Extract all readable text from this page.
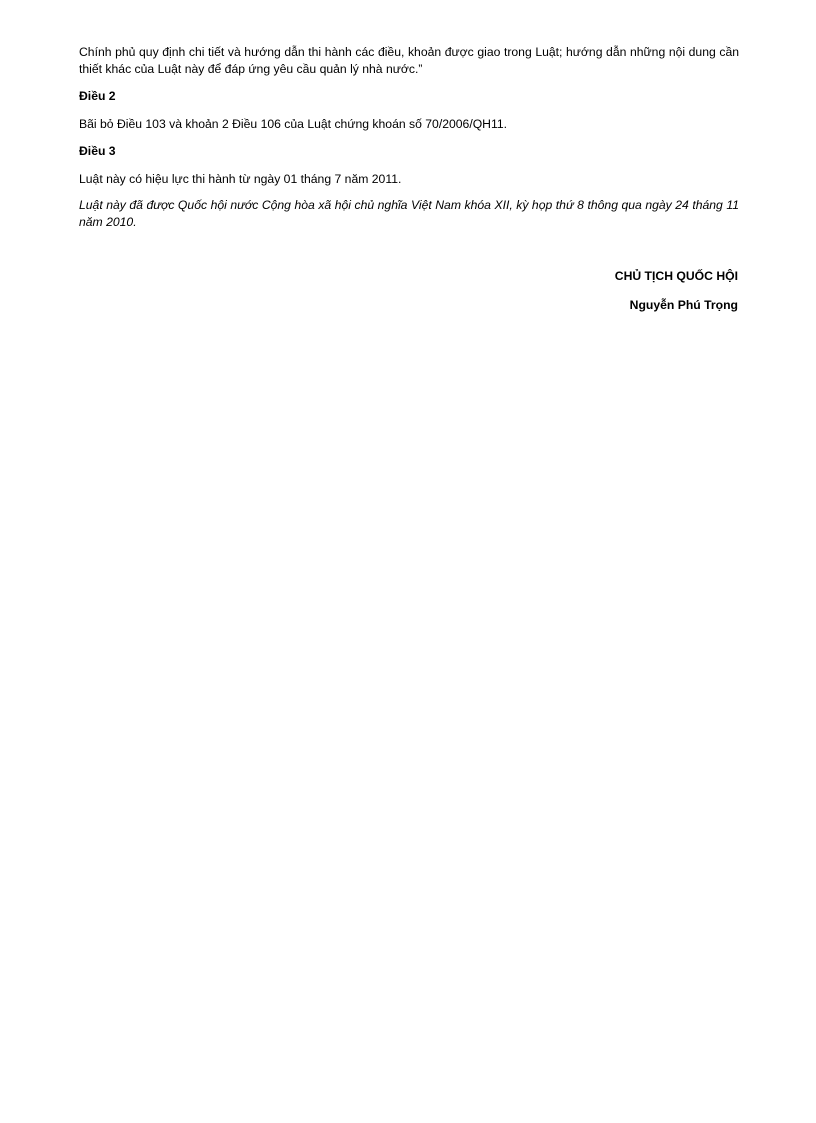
Chính phủ quy định chi tiết và hướng dẫn thi hành các điều, khoản được giao trong Luật; hướng dẫn những nội dung cần thiết khác của Luật này để đáp ứng yêu cầu quản lý nhà nước.”

Điều 2

Bãi bỏ Điều 103 và khoản 2 Điều 106 của Luật chứng khoán số 70/2006/QH11.

Điều 3

Luật này có hiệu lực thi hành từ ngày 01 tháng 7 năm 2011.

Luật này đã được Quốc hội nước Cộng hòa xã hội chủ nghĩa Việt Nam khóa XII, kỳ họp thứ 8 thông qua ngày 24 tháng 11 năm 2010.

CHỦ TỊCH QUỐC HỘI
Nguyễn Phú Trọng
